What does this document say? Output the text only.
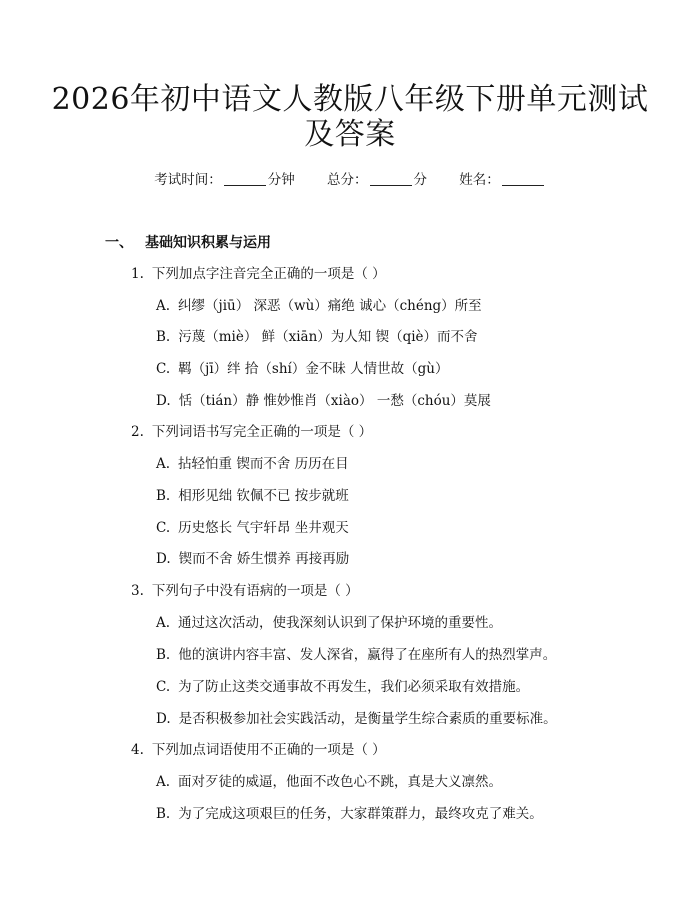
2026年初中语文人教版八年级下册单元测试
及答案
考试时间：	分钟 总分：	分 姓名：
一、 基础知识积累与运用
1. 下列加点字注音完全正确的一项是（ ）
A. 纠缪（jiū） 深恶（wù）痛绝 诚心（chéng）所至
B. 污蔑（miè） 鲜（xiān）为人知 锲（qiè）而不舍
C. 羁（jī）绊 拾（shí）金不昧 人情世故（gù）
D. 恬（tián）静 惟妙惟肖（xiào） 一愁（chóu）莫展
2. 下列词语书写完全正确的一项是（ ）
A. 拈轻怕重 锲而不舍 历历在目
B. 相形见绌 钦佩不已 按步就班
C. 历史悠长 气宇轩昂 坐井观天
D. 锲而不舍 娇生惯养 再接再励
3. 下列句子中没有语病的一项是（ ）
A. 通过这次活动，使我深刻认识到了保护环境的重要性。
B. 他的演讲内容丰富、发人深省，赢得了在座所有人的热烈掌声。
C. 为了防止这类交通事故不再发生，我们必须采取有效措施。
D. 是否积极参加社会实践活动，是衡量学生综合素质的重要标准。
4. 下列加点词语使用不正确的一项是（ ）
A. 面对歹徒的威逼，他面不改色心不跳，真是大义凛然。
B. 为了完成这项艰巨的任务，大家群策群力，最终攻克了难关。
